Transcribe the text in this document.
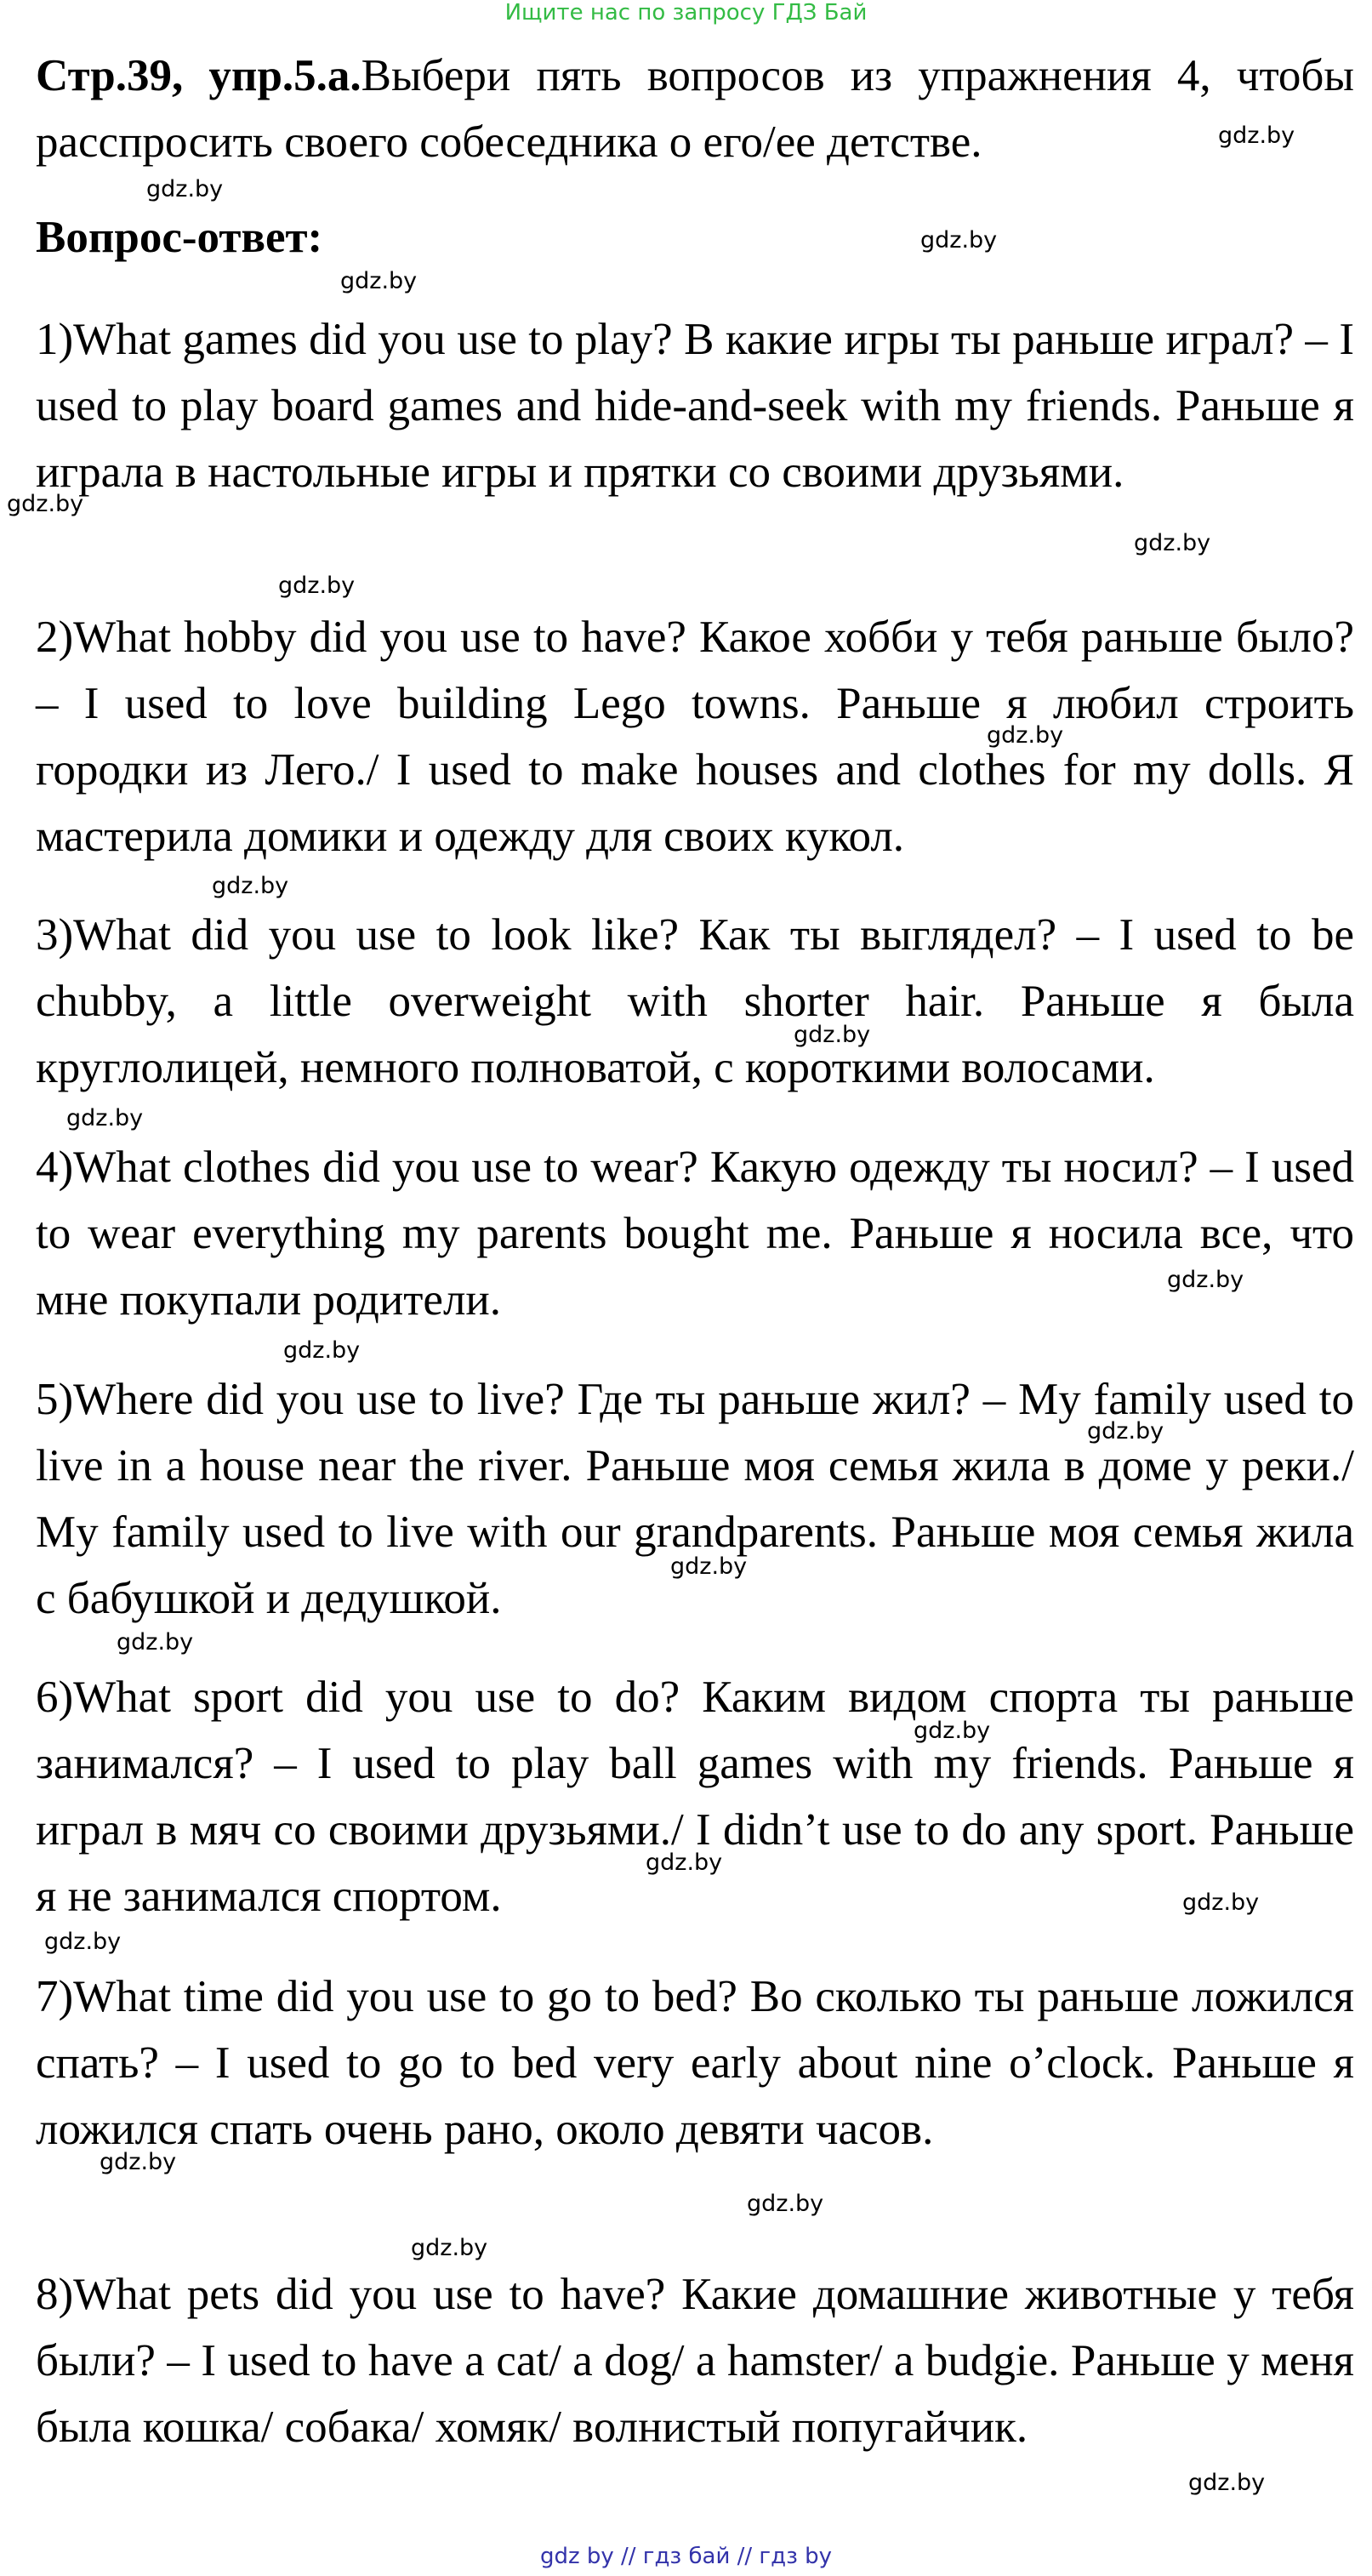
Ищите нас по запросу ГДЗ Бай
Стр.39, упр.5.а.Выбери пять вопросов из упражнения 4, чтобы расспросить своего собеседника о его/ее детстве.
Вопрос-ответ:
1)What games did you use to play? В какие игры ты раньше играл? – I used to play board games and hide-and-seek with my friends. Раньше я играла в настольные игры и прятки со своими друзьями.
2)What hobby did you use to have? Какое хобби у тебя раньше было? – I used to love building Lego towns. Раньше я любил строить городки из Лего./ I used to make houses and clothes for my dolls. Я мастерила домики и одежду для своих кукол.
3)What did you use to look like? Как ты выглядел? – I used to be chubby, a little overweight with shorter hair. Раньше я была круглолицей, немного полноватой, с короткими волосами.
4)What clothes did you use to wear? Какую одежду ты носил? – I used to wear everything my parents bought me. Раньше я носила все, что мне покупали родители.
5)Where did you use to live? Где ты раньше жил? – My family used to live in a house near the river. Раньше моя семья жила в доме у реки./ My family used to live with our grandparents. Раньше моя семья жила с бабушкой и дедушкой.
6)What sport did you use to do? Каким видом спорта ты раньше занимался? – I used to play ball games with my friends. Раньше я играл в мяч со своими друзьями./ I didn’t use to do any sport. Раньше я не занимался спортом.
7)What time did you use to go to bed? Во сколько ты раньше ложился спать? – I used to go to bed very early about nine o’clock. Раньше я ложился спать очень рано, около девяти часов.
8)What pets did you use to have? Какие домашние животные у тебя были? – I used to have a cat/ a dog/ a hamster/ a budgie. Раньше у меня была кошка/ собака/ хомяк/ волнистый попугайчик.
gdz.by
gdz.by
gdz.by
gdz.by
gdz.by
gdz.by
gdz.by
gdz.by
gdz.by
gdz.by
gdz.by
gdz.by
gdz.by
gdz.by
gdz.by
gdz.by
gdz.by
gdz.by
gdz.by
gdz.by
gdz.by
gdz.by
gdz.by
gdz.by
gdz by // гдз бай // гдз by
